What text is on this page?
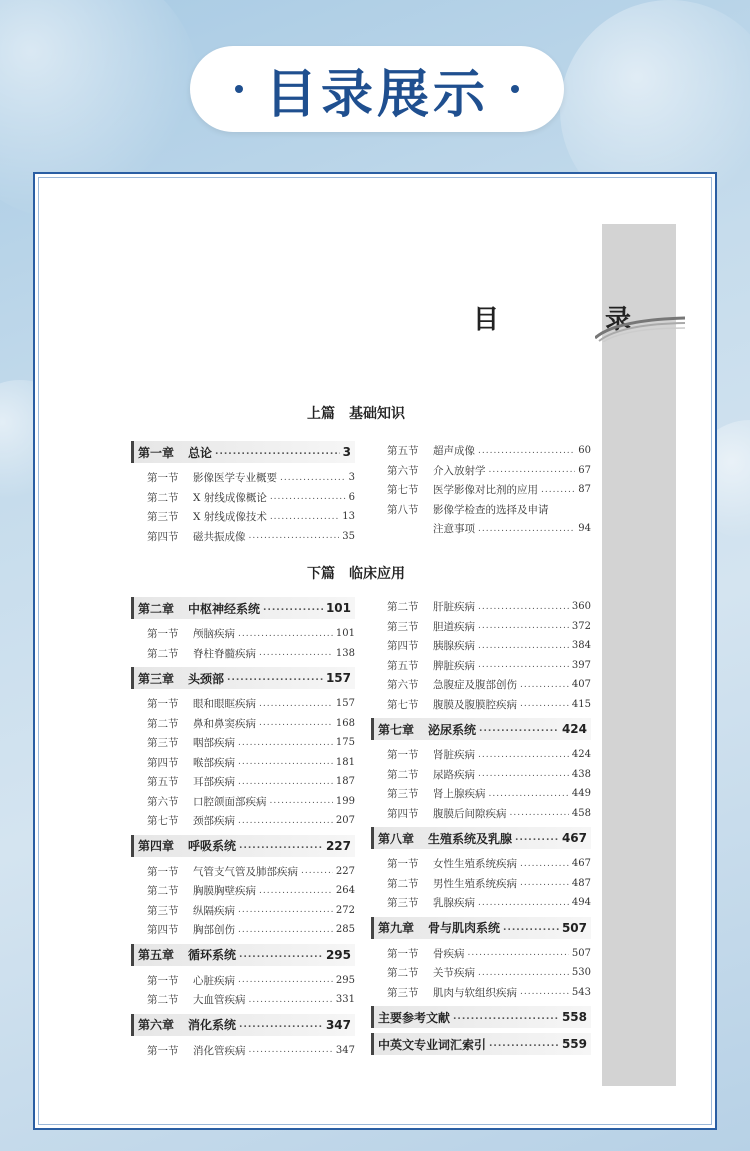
目录展示
目　录
上篇 基础知识
第一章 总论 .....	3
第一节	影像医学专业概要 .....	3
第二节	X 射线成像概论 .....	6
第三节	X 射线成像技术 .....	13
第四节	磁共振成像 .....	35
第五节	超声成像 .....	60
第六节	介入放射学 .....	67
第七节	医学影像对比剂的应用 .....	87
第八节	影像学检查的选择及申请
注意事项 .....	94
下篇 临床应用
第二章 中枢神经系统 .....	101
第一节	颅脑疾病 .....	101
第二节	脊柱脊髓疾病 .....	138
第三章 头颈部 .....	157
第一节	眼和眼眶疾病 .....	157
第二节	鼻和鼻窦疾病 .....	168
第三节	咽部疾病 .....	175
第四节	喉部疾病 .....	181
第五节	耳部疾病 .....	187
第六节	口腔颌面部疾病 .....	199
第七节	颈部疾病 .....	207
第四章 呼吸系统 .....	227
第一节	气管支气管及肺部疾病 .....	227
第二节	胸膜胸壁疾病 .....	264
第三节	纵隔疾病 .....	272
第四节	胸部创伤 .....	285
第五章 循环系统 .....	295
第一节	心脏疾病 .....	295
第二节	大血管疾病 .....	331
第六章 消化系统 .....	347
第一节	消化管疾病 .....	347
第二节	肝脏疾病 .....	360
第三节	胆道疾病 .....	372
第四节	胰腺疾病 .....	384
第五节	脾脏疾病 .....	397
第六节	急腹症及腹部创伤 .....	407
第七节	腹膜及腹膜腔疾病 .....	415
第七章 泌尿系统 .....	424
第一节	肾脏疾病 .....	424
第二节	尿路疾病 .....	438
第三节	肾上腺疾病 .....	449
第四节	腹膜后间隙疾病 .....	458
第八章 生殖系统及乳腺 .....	467
第一节	女性生殖系统疾病 .....	467
第二节	男性生殖系统疾病 .....	487
第三节	乳腺疾病 .....	494
第九章 骨与肌肉系统 .....	507
第一节	骨疾病 .....	507
第二节	关节疾病 .....	530
第三节	肌肉与软组织疾病 .....	543
主要参考文献 .....	558
中英文专业词汇索引 .....	559
